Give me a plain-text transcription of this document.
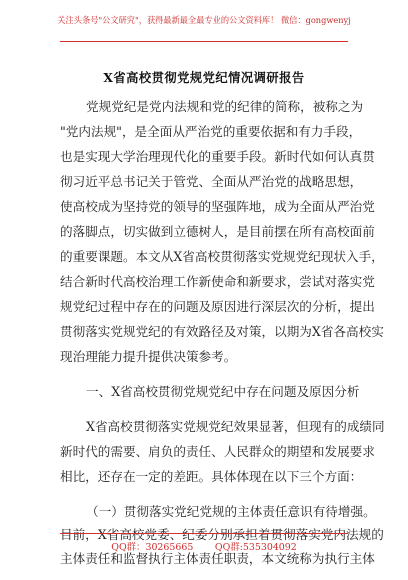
关注头条号"公文研究"，获得最新最全最专业的公文资料库！ 微信：gongwenyj
X省高校贯彻党规党纪情况调研报告
党规党纪是党内法规和党的纪律的简称，被称之为
"党内法规"，是全面从严治党的重要依据和有力手段，
也是实现大学治理现代化的重要手段。新时代如何认真贯
彻习近平总书记关于管党、全面从严治党的战略思想，
使高校成为坚持党的领导的坚强阵地，成为全面从严治党
的落脚点，切实做到立德树人，是目前摆在所有高校面前
的重要课题。本文从X省高校贯彻落实党规党纪现状入手，
结合新时代高校治理工作新使命和新要求，尝试对落实党
规党纪过程中存在的问题及原因进行深层次的分析，提出
贯彻落实党规党纪的有效路径及对策，以期为X省各高校实
现治理能力提升提供决策参考。
一、X省高校贯彻党规党纪中存在问题及原因分析
X省高校贯彻落实党规党纪效果显著，但现有的成绩同
新时代的需要、肩负的责任、人民群众的期望和发展要求
相比，还存在一定的差距。具体体现在以下三个方面：
（一）贯彻落实党纪党规的主体责任意识有待增强。
目前，X省高校党委、纪委分别承担着贯彻落实党内法规的
主体责任和监督执行主体责任职责，本文统称为执行主体
QQ群：30265665 QQ群:535304092
